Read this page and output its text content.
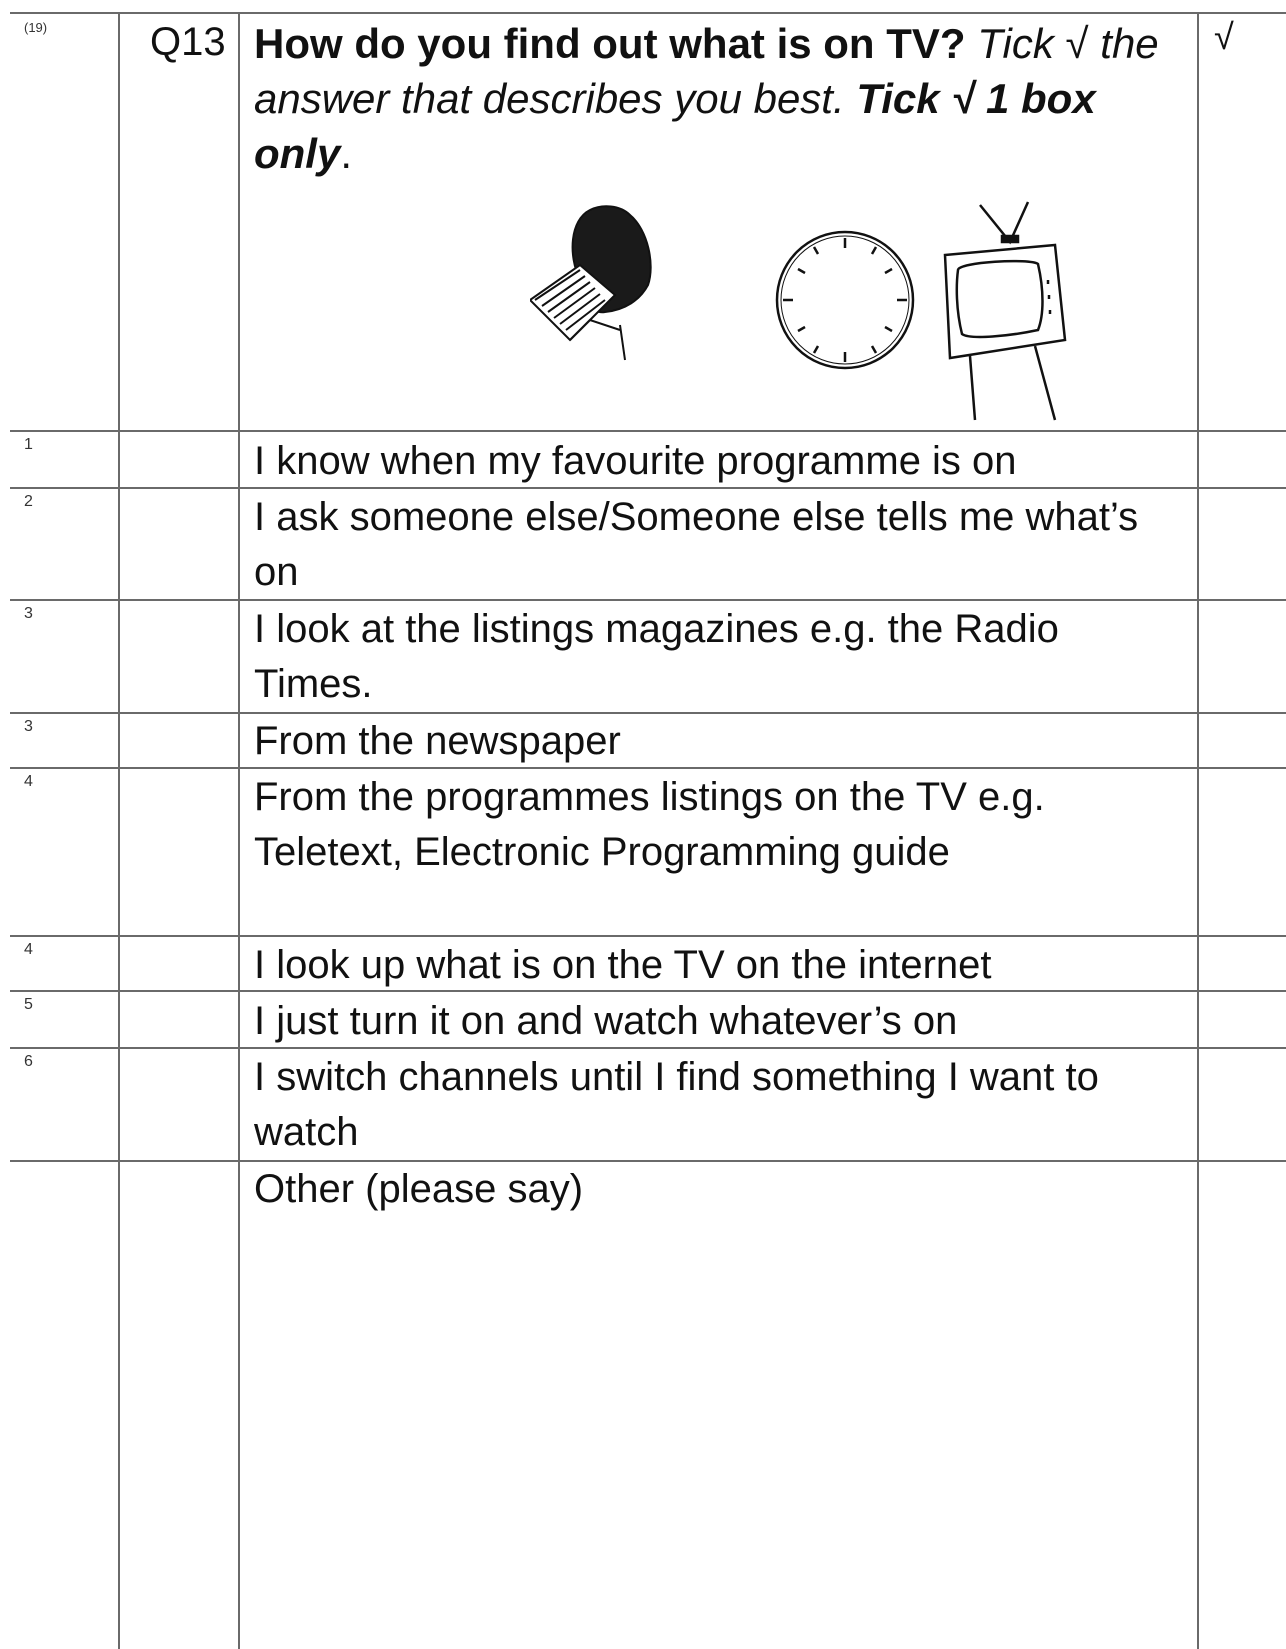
(19)	Q13 How do you find out what is on TV? Tick √ the answer that describes you best. Tick √ 1 box only.
√
1
2
3
3
4
4
5
6

I know when my favourite programme is on

I ask someone else/Someone else tells me what’s on

I look at the listings magazines e.g. the Radio Times.

From the newspaper

From the programmes listings on the TV e.g. Teletext, Electronic Programming guide

I look up what is on the TV on the internet

I just turn it on and watch whatever’s on

I switch channels until I find something I want to watch

Other (please say)
